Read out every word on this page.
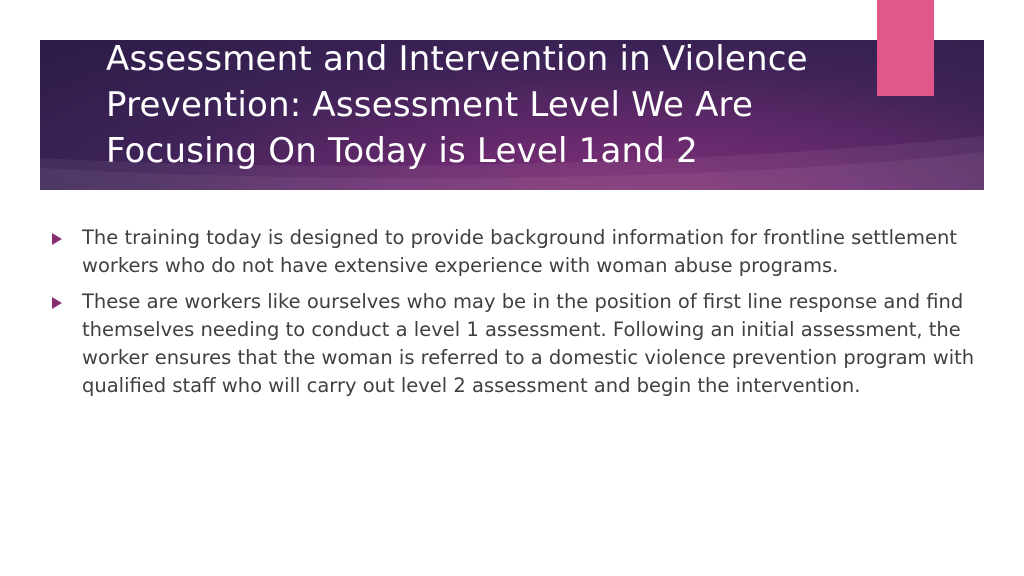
Assessment and Intervention in Violence Prevention: Assessment Level We Are Focusing On Today is Level 1and 2
The training today is designed to provide background information for frontline settlement workers who do not have extensive experience with woman abuse programs.
These are workers like ourselves who may be in the position of first line response and find themselves needing to conduct a level 1 assessment. Following an initial assessment, the worker ensures that the woman is referred to a domestic violence prevention program with qualified staff who will carry out level 2 assessment and begin the intervention.
